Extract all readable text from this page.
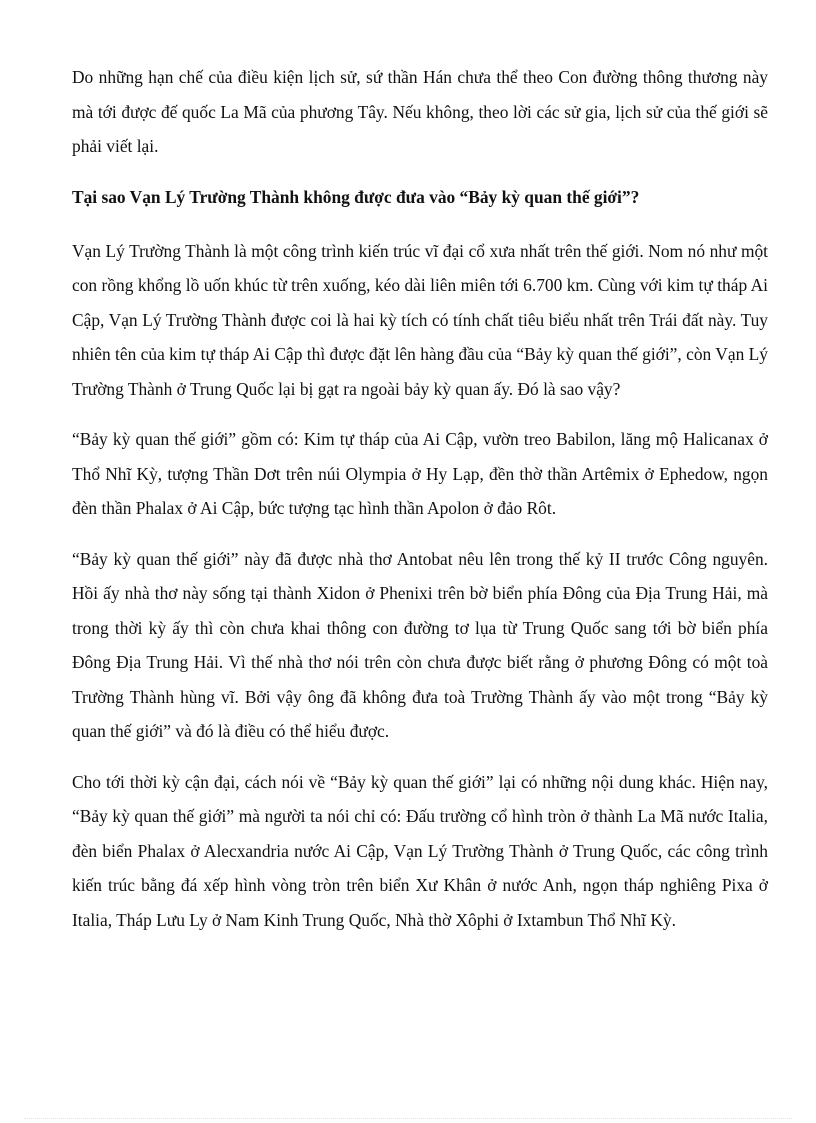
Do những hạn chế của điều kiện lịch sử, sứ thần Hán chưa thể theo Con đường thông thương này mà tới được đế quốc La Mã của phương Tây. Nếu không, theo lời các sử gia, lịch sử của thế giới sẽ phải viết lại.

Tại sao Vạn Lý Trường Thành không được đưa vào “Bảy kỳ quan thế giới”?

Vạn Lý Trường Thành là một công trình kiến trúc vĩ đại cổ xưa nhất trên thế giới. Nom nó như một con rồng khổng lồ uốn khúc từ trên xuống, kéo dài liên miên tới 6.700 km. Cùng với kim tự tháp Ai Cập, Vạn Lý Trường Thành được coi là hai kỳ tích có tính chất tiêu biểu nhất trên Trái đất này. Tuy nhiên tên của kim tự tháp Ai Cập thì được đặt lên hàng đầu của “Bảy kỳ quan thế giới”, còn Vạn Lý Trường Thành ở Trung Quốc lại bị gạt ra ngoài bảy kỳ quan ấy. Đó là sao vậy?

“Bảy kỳ quan thế giới” gồm có: Kim tự tháp của Ai Cập, vườn treo Babilon, lăng mộ Halicanax ở Thổ Nhĩ Kỳ, tượng Thần Dơt trên núi Olympia ở Hy Lạp, đền thờ thần Artêmix ở Ephedow, ngọn đèn thần Phalax ở Ai Cập, bức tượng tạc hình thần Apolon ở đảo Rôt.

“Bảy kỳ quan thế giới” này đã được nhà thơ Antobat nêu lên trong thế kỷ II trước Công nguyên. Hồi ấy nhà thơ này sống tại thành Xidon ở Phenixi trên bờ biển phía Đông của Địa Trung Hải, mà trong thời kỳ ấy thì còn chưa khai thông con đường tơ lụa từ Trung Quốc sang tới bờ biển phía Đông Địa Trung Hải. Vì thế nhà thơ nói trên còn chưa được biết rằng ở phương Đông có một toà Trường Thành hùng vĩ. Bởi vậy ông đã không đưa toà Trường Thành ấy vào một trong “Bảy kỳ quan thế giới” và đó là điều có thể hiểu được.

Cho tới thời kỳ cận đại, cách nói về “Bảy kỳ quan thế giới” lại có những nội dung khác. Hiện nay, “Bảy kỳ quan thế giới” mà người ta nói chỉ có: Đấu trường cổ hình tròn ở thành La Mã nước Italia, đèn biển Phalax ở Alecxandria nước Ai Cập, Vạn Lý Trường Thành ở Trung Quốc, các công trình kiến trúc bằng đá xếp hình vòng tròn trên biển Xư Khân ở nước Anh, ngọn tháp nghiêng Pixa ở Italia, Tháp Lưu Ly ở Nam Kinh Trung Quốc, Nhà thờ Xôphi ở Ixtambun Thổ Nhĩ Kỳ.
